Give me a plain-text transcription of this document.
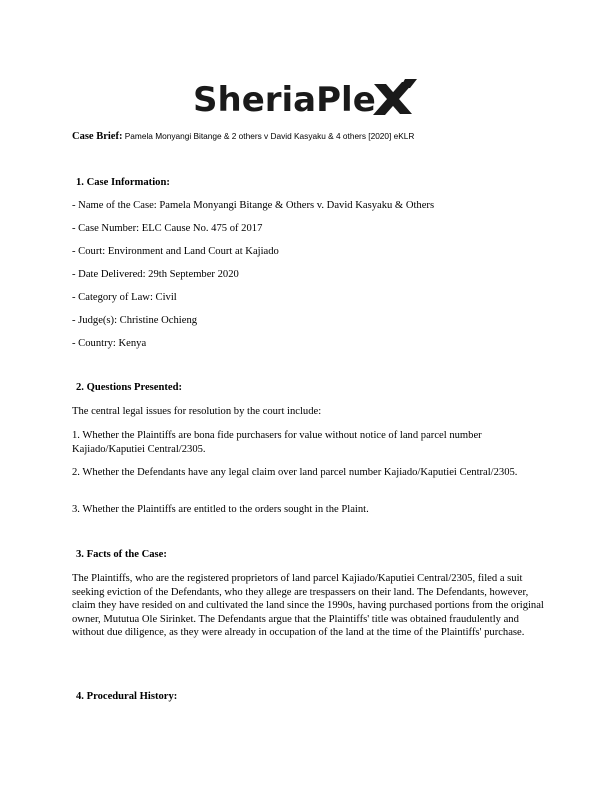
SheriaPle
Case Brief: Pamela Monyangi Bitange & 2 others v David Kasyaku & 4 others [2020] eKLR
1. Case Information:
- Name of the Case: Pamela Monyangi Bitange & Others v. David Kasyaku & Others
- Case Number: ELC Cause No. 475 of 2017
- Court: Environment and Land Court at Kajiado
- Date Delivered: 29th September 2020
- Category of Law: Civil
- Judge(s): Christine Ochieng
- Country: Kenya
2. Questions Presented:
The central legal issues for resolution by the court include:
1. Whether the Plaintiffs are bona fide purchasers for value without notice of land parcel number Kajiado/Kaputiei Central/2305.
2. Whether the Defendants have any legal claim over land parcel number Kajiado/Kaputiei Central/2305.
3. Whether the Plaintiffs are entitled to the orders sought in the Plaint.
3. Facts of the Case:
The Plaintiffs, who are the registered proprietors of land parcel Kajiado/Kaputiei Central/2305, filed a suit seeking eviction of the Defendants, who they allege are trespassers on their land. The Defendants, however, claim they have resided on and cultivated the land since the 1990s, having purchased portions from the original owner, Mututua Ole Sirinket. The Defendants argue that the Plaintiffs' title was obtained fraudulently and without due diligence, as they were already in occupation of the land at the time of the Plaintiffs' purchase.
4. Procedural History:
